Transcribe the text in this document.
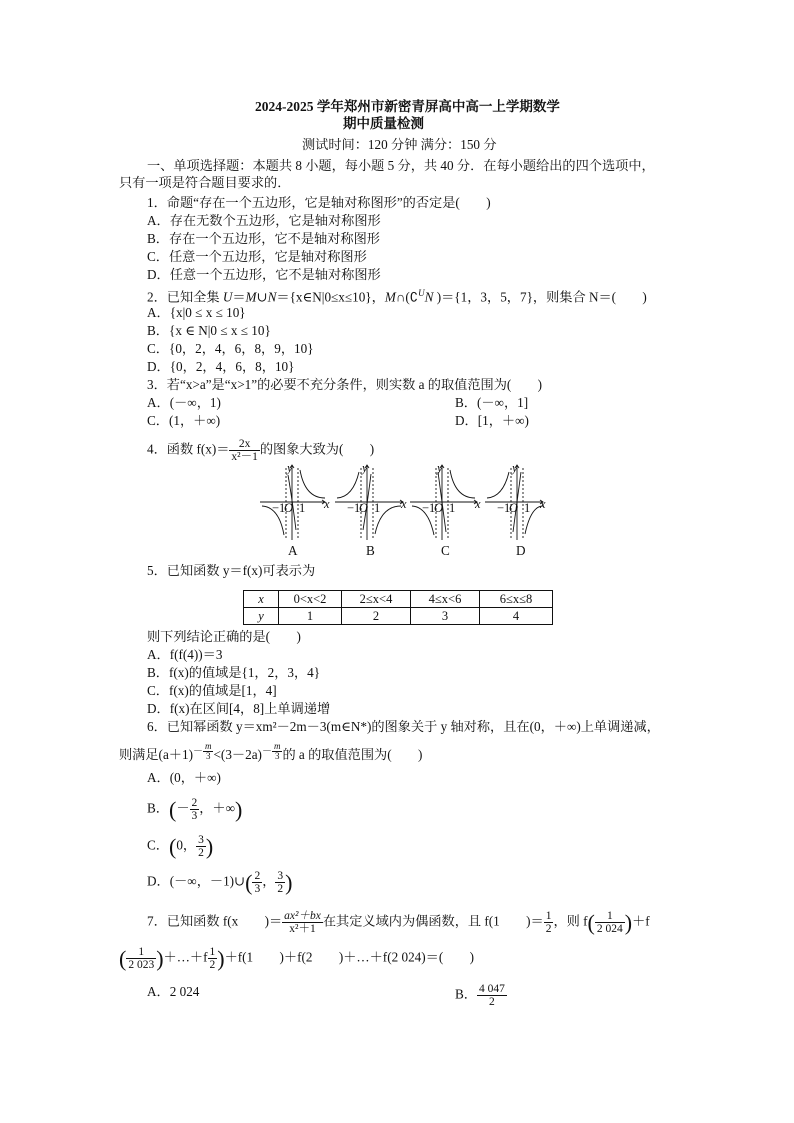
2024-2025 学年郑州市新密青屏高中高一上学期数学
期中质量检测
测试时间：120 分钟 满分：150 分
一、单项选择题：本题共 8 小题，每小题 5 分，共 40 分．在每小题给出的四个选项中，
只有一项是符合题目要求的．
1．命题“存在一个五边形，它是轴对称图形”的否定是(　　)
A．存在无数个五边形，它是轴对称图形
B．存在一个五边形，它不是轴对称图形
C．任意一个五边形，它是轴对称图形
D．任意一个五边形，它不是轴对称图形
2．已知全集 U＝M∪N＝{x∈N|0≤x≤10}，M∩(∁$^U$N )＝{1，3，5，7}，则集合 N＝(　　)
A．{x|0 ≤ x ≤ 10}
B．{x ∈ N|0 ≤ x ≤ 10}
C．{0，2，4，6，8，9，10}
D．{0，2，4，6，8，10}
3．若“x>a”是“x>1”的必要不充分条件，则实数 a 的取值范围为(　　)
A．(－∞，1)	B．(－∞，1]
C．(1，＋∞)	D．[1，＋∞)
4．函数 $f(x)= \frac{2x}{\text{x²－1}}$ 的图象大致为(　　)
y
x
−1
O 1
y
x
−1
O 1
y
x
−1
O 1
y
x
−1
O 1
A	B	C	D
5．已知函数 y＝f(x)可表示为
x	0<x<2	2≤x<4	4≤x<6	6≤x≤8
y	1	2	3	4
则下列结论正确的是(　　)
A．f(f(4))＝3
B．f(x)的值域是{1，2，3，4}
C．f(x)的值域是[1，4]
D．f(x)在区间[4，8]上单调递增
6．已知幂函数 y＝xm²－2m－3(m∈N*)的图象关于 y 轴对称，且在(0，＋∞)上单调递减，
则满足$(a+1)^{- \frac{m}{3}} <(3-2a)^{- \frac{m}{3}}$ 的 a 的取值范围为(　　)
A．(0，＋∞)
B．(－ $\frac{2}{3}$ ，＋∞)
C．(0， $\frac{3}{2}$ )
D．(－∞，－1)∪( $\frac{2}{3}$ ， $\frac{3}{2}$ )
7．已知函数 f(x　　)＝ $\frac{\text{ax²＋bx}}{\text{x²＋1}}$ 在其定义域内为偶函数，且 f(1　　)＝ $\frac{1}{2}$ ，则 $f( \frac{1}{2 024} )+f$
( $\frac{1}{2 023}$ )＋…＋f $\frac{1}{2} )+f(1$　　)＋f(2　　)＋…＋f(2 024)＝(　　)
A．2 024	B． $\frac{4 047}{2}$
